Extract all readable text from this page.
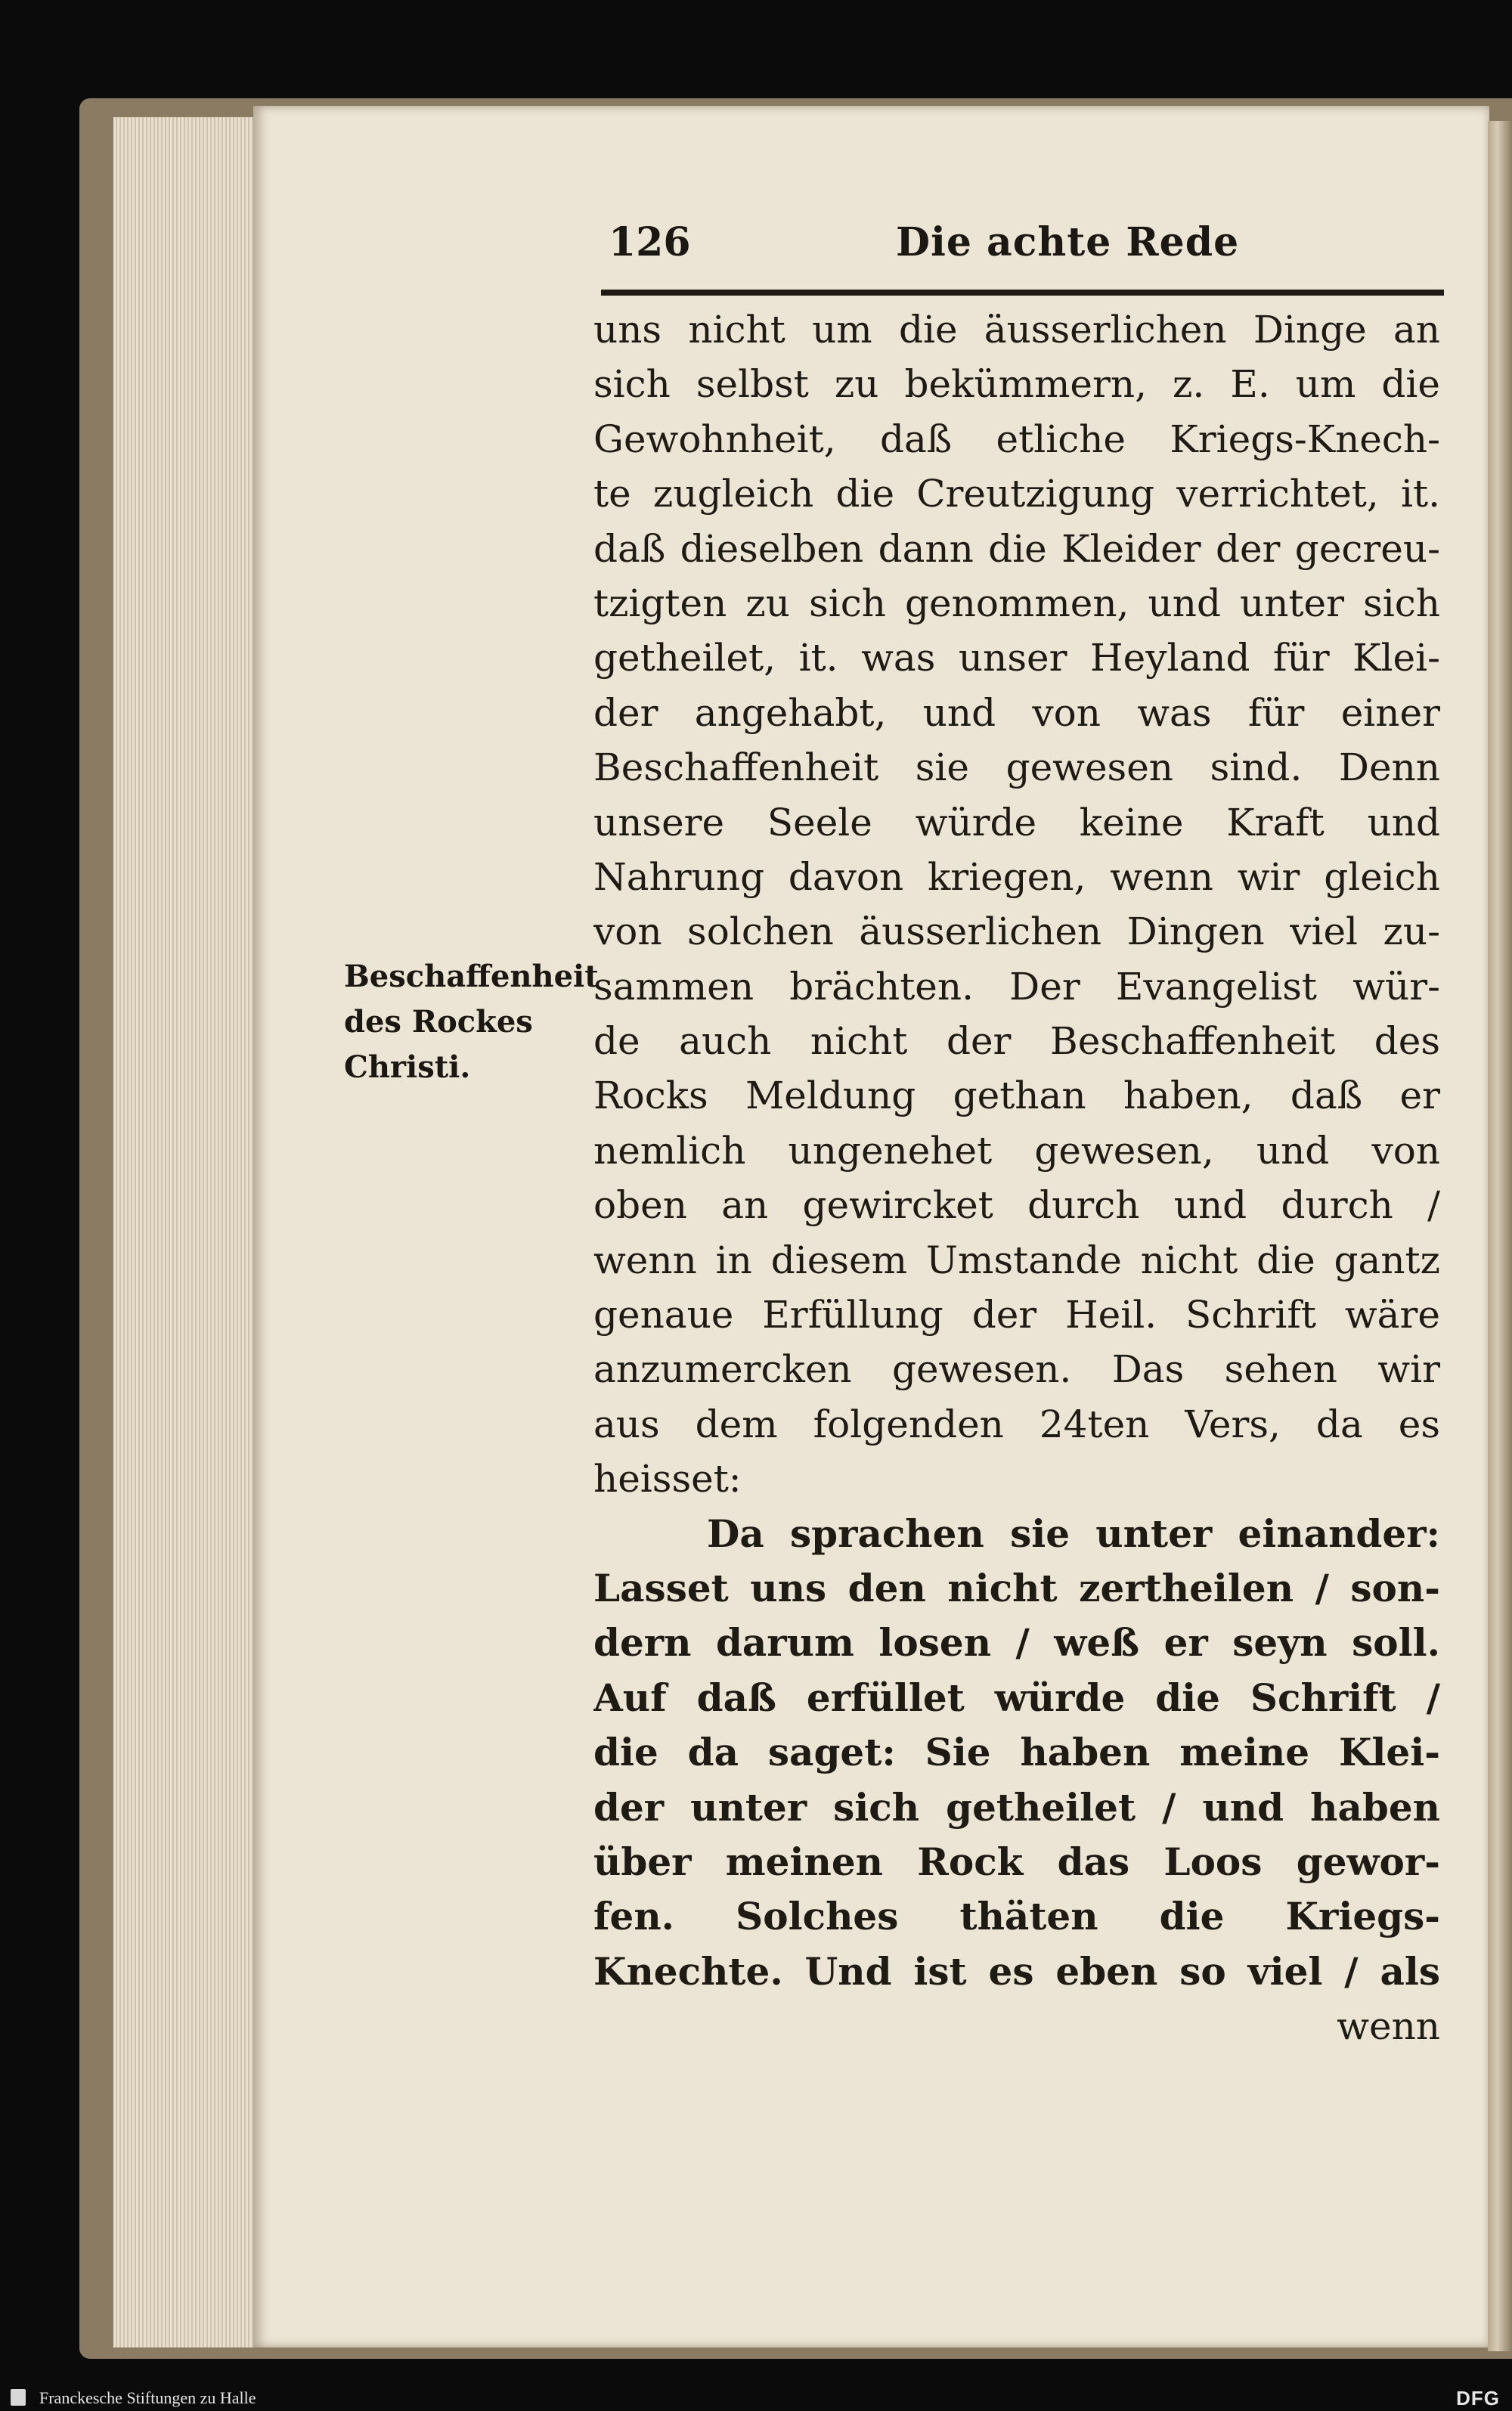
126	Die achte Rede
Beschaffenheit
des Rockes
Christi.
uns nicht um die äusserlichen Dinge an
sich selbst zu bekümmern, z. E. um die
Gewohnheit, daß etliche Kriegs-Knech-
te zugleich die Creutzigung verrichtet, it.
daß dieselben dann die Kleider der gecreu-
tzigten zu sich genommen, und unter sich
getheilet, it. was unser Heyland für Klei-
der angehabt, und von was für einer
Beschaffenheit sie gewesen sind. Denn
unsere Seele würde keine Kraft und
Nahrung davon kriegen, wenn wir gleich
von solchen äusserlichen Dingen viel zu-
sammen brächten. Der Evangelist wür-
de auch nicht der Beschaffenheit des
Rocks Meldung gethan haben, daß er
nemlich ungenehet gewesen, und von
oben an gewircket durch und durch /
wenn in diesem Umstande nicht die gantz
genaue Erfüllung der Heil. Schrift wäre
anzumercken gewesen. Das sehen wir
aus dem folgenden 24ten Vers, da es
heisset:
Da sprachen sie unter einander:
Lasset uns den nicht zertheilen / son-
dern darum losen / weß er seyn soll.
Auf daß erfüllet würde die Schrift /
die da saget: Sie haben meine Klei-
der unter sich getheilet / und haben
über meinen Rock das Loos gewor-
fen. Solches thäten die Kriegs-
Knechte. Und ist es eben so viel / als
wenn
Franckesche Stiftungen zu Halle	DFG
